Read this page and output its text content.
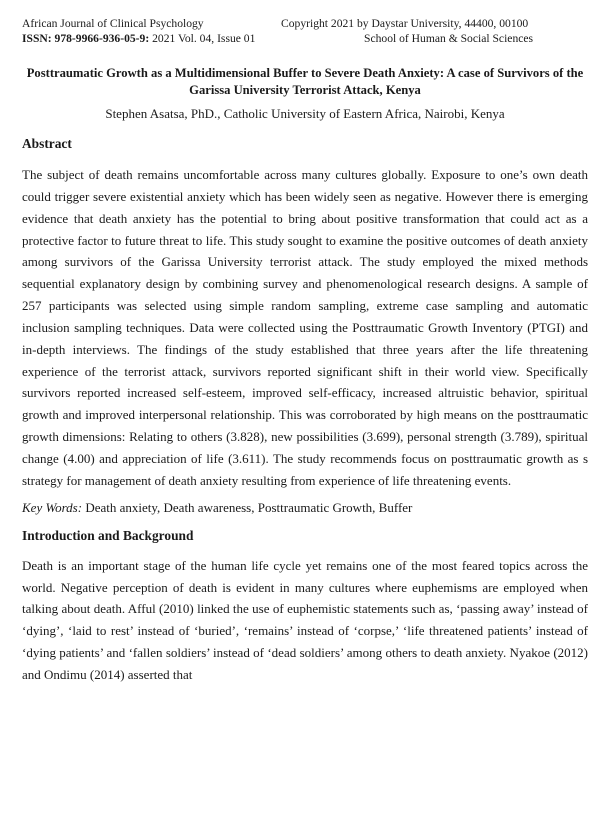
African Journal of Clinical Psychology	Copyright 2021 by Daystar University, 44400, 00100
ISSN: 978-9966-936-05-9: 2021 Vol. 04, Issue 01	School of Human & Social Sciences
Posttraumatic Growth as a Multidimensional Buffer to Severe Death Anxiety: A case of Survivors of the Garissa University Terrorist Attack, Kenya
Stephen Asatsa, PhD., Catholic University of Eastern Africa, Nairobi, Kenya
Abstract

The subject of death remains uncomfortable across many cultures globally. Exposure to one’s own death could trigger severe existential anxiety which has been widely seen as negative. However there is emerging evidence that death anxiety has the potential to bring about positive transformation that could act as a protective factor to future threat to life. This study sought to examine the positive outcomes of death anxiety among survivors of the Garissa University terrorist attack. The study employed the mixed methods sequential explanatory design by combining survey and phenomenological research designs. A sample of 257 participants was selected using simple random sampling, extreme case sampling and automatic inclusion sampling techniques. Data were collected using the Posttraumatic Growth Inventory (PTGI) and in-depth interviews. The findings of the study established that three years after the life threatening experience of the terrorist attack, survivors reported significant shift in their world view. Specifically survivors reported increased self-esteem, improved self-efficacy, increased altruistic behavior, spiritual growth and improved interpersonal relationship. This was corroborated by high means on the posttraumatic growth dimensions: Relating to others (3.828), new possibilities (3.699), personal strength (3.789), spiritual change (4.00) and appreciation of life (3.611). The study recommends focus on posttraumatic growth as s strategy for management of death anxiety resulting from experience of life threatening events.

Key Words: Death anxiety, Death awareness, Posttraumatic Growth, Buffer
Introduction and Background

Death is an important stage of the human life cycle yet remains one of the most feared topics across the world. Negative perception of death is evident in many cultures where euphemisms are employed when talking about death. Afful (2010) linked the use of euphemistic statements such as, ‘passing away’ instead of ‘dying’, ‘laid to rest’ instead of ‘buried’, ‘remains’ instead of ‘corpse,’ ‘life threatened patients’ instead of ‘dying patients’ and ‘fallen soldiers’ instead of ‘dead soldiers’ among others to death anxiety. Nyakoe (2012) and Ondimu (2014) asserted that
